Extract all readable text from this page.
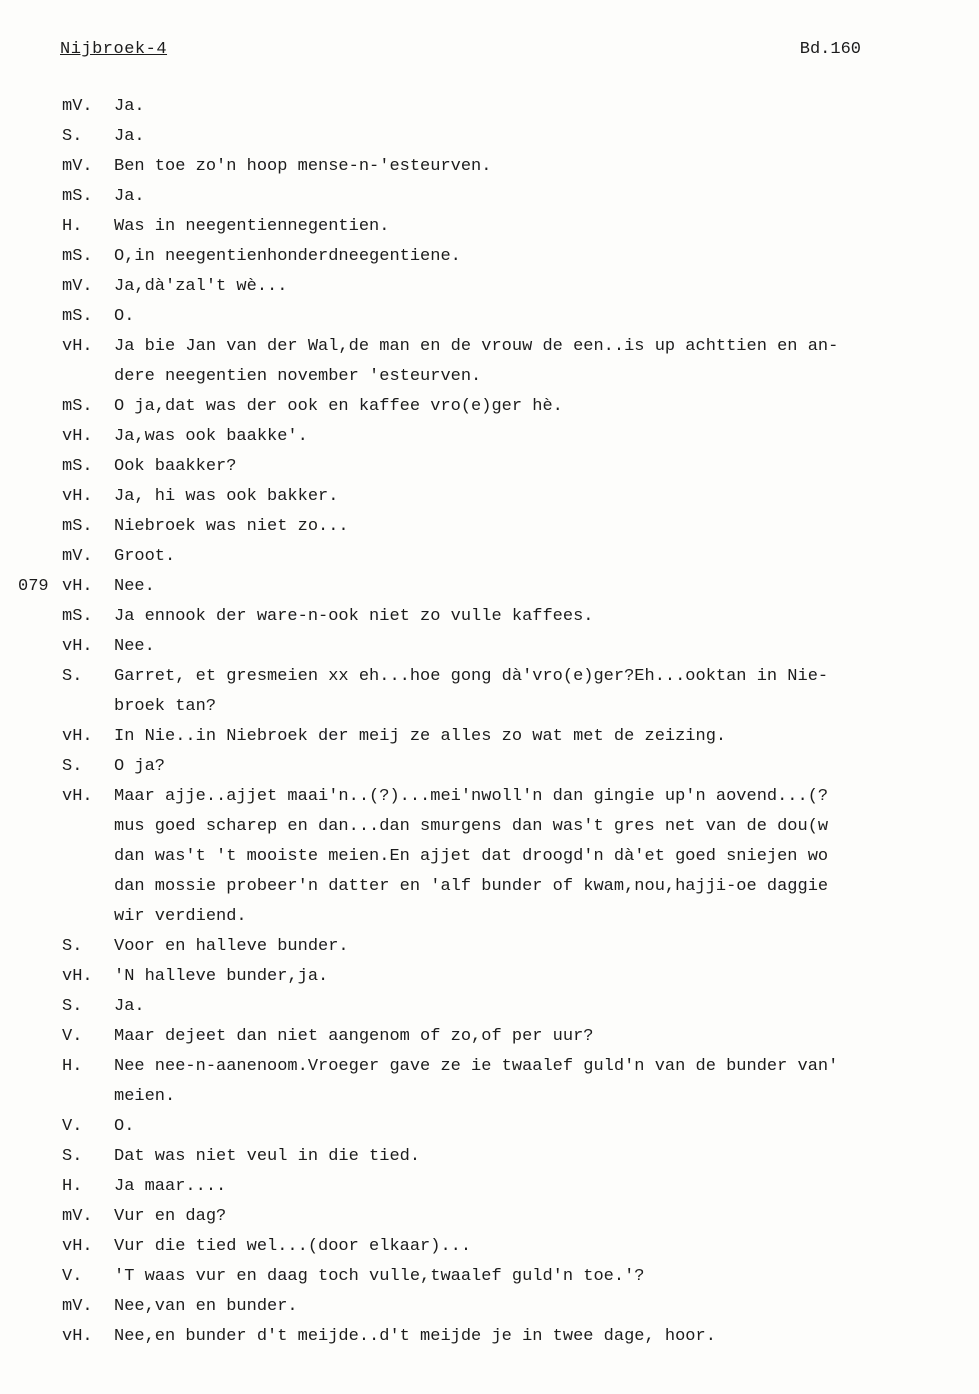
Nijbroek-4	Bd.160
mV. Ja.
S. Ja.
mV. Ben toe zo'n hoop mense-n-'esteurven.
mS. Ja.
H. Was in neegentiennegentien.
mS. O,in neegentienhonderdneegentiene.
mV. Ja,dà'zal't wè...
mS. O.
vH. Ja bie Jan van der Wal,de man en de vrouw de een..is up achttien en an-
dere neegentien november 'esteurven.
mS. O ja,dat was der ook en kaffee vro(e)ger hè.
vH. Ja,was ook baakke'.
mS. Ook baakker?
vH. Ja, hi was ook bakker.
mS. Niebroek was niet zo...
mV. Groot.
079 vH. Nee.
mS. Ja ennook der ware-n-ook niet zo vulle kaffees.
vH. Nee.
S. Garret, et gresmeien xx eh...hoe gong dà'vro(e)ger?Eh...ooktan in Nie-
broek tan?
vH. In Nie..in Niebroek der meij ze alles zo wat met de zeizing.
S. O ja?
vH. Maar ajje..ajjet maai'n..(?)...mei'nwoll'n dan gingie up'n aovend...(?
mus goed scharep en dan...dan smurgens dan was't gres net van de dou(w
dan was't 't mooiste meien.En ajjet dat droogd'n dà'et goed sniejen wo
dan mossie probeer'n datter en 'alf bunder of kwam,nou,hajji-oe daggie
wir verdiend.
S. Voor en hallеve bunder.
vH. 'N halleve bunder,ja.
S. Ja.
V. Maar dejeet dan niet aangenom of zo,of per uur?
H. Nee nee-n-aanenoom.Vroeger gave ze ie twaalef guld'n van de bunder van'
meien.
V. O.
S. Dat was niet veul in die tied.
H. Ja maar....
mV. Vur en dag?
vH. Vur die tied wel...(door elkaar)...
V. 'T waas vur en daag toch vulle,twaalef guld'n toe.'?
mV. Nee,van en bunder.
vH. Nee,en bunder d't meijde..d't meijde je in twee dage, hoor.
